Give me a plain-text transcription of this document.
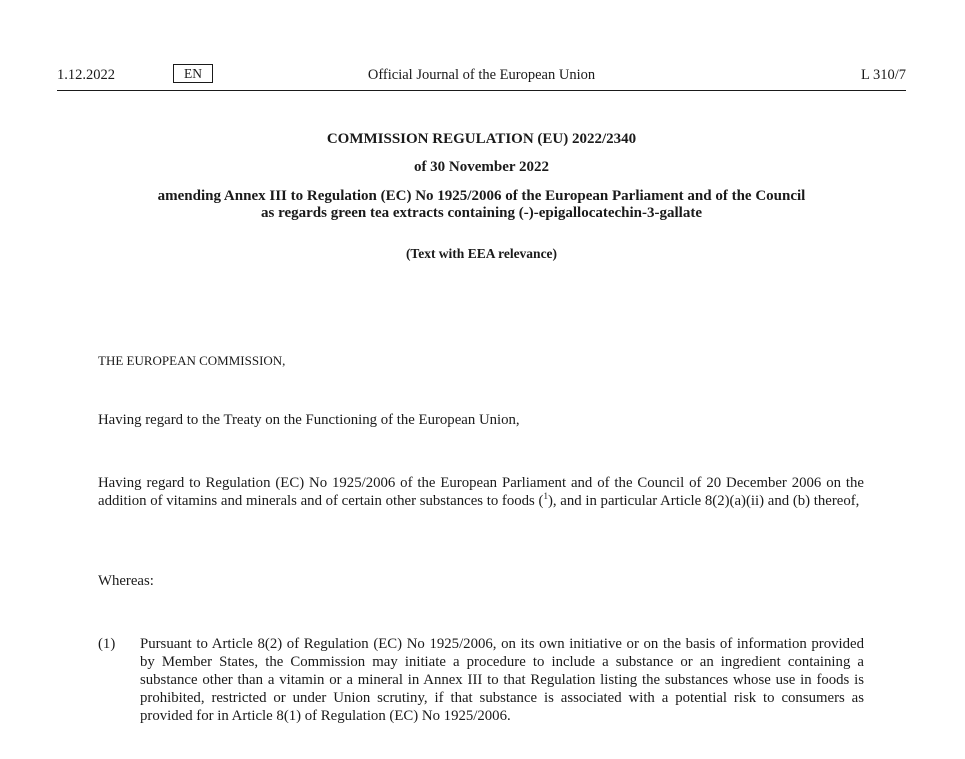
1.12.2022	EN	Official Journal of the European Union	L 310/7
COMMISSION REGULATION (EU) 2022/2340
of 30 November 2022
amending Annex III to Regulation (EC) No 1925/2006 of the European Parliament and of the Council
as regards green tea extracts containing (-)-epigallocatechin-3-gallate
(Text with EEA relevance)
THE EUROPEAN COMMISSION,
Having regard to the Treaty on the Functioning of the European Union,
Having regard to Regulation (EC) No 1925/2006 of the European Parliament and of the Council of 20 December 2006 on the addition of vitamins and minerals and of certain other substances to foods ($^1$), and in particular Article 8(2)(a)(ii) and (b) thereof,
Whereas:
(1) Pursuant to Article 8(2) of Regulation (EC) No 1925/2006, on its own initiative or on the basis of information provided by Member States, the Commission may initiate a procedure to include a substance or an ingredient containing a substance other than a vitamin or a mineral in Annex III to that Regulation listing the substances whose use in foods is prohibited, restricted or under Union scrutiny, if that substance is associated with a potential risk to consumers as provided for in Article 8(1) of Regulation (EC) No 1925/2006.
